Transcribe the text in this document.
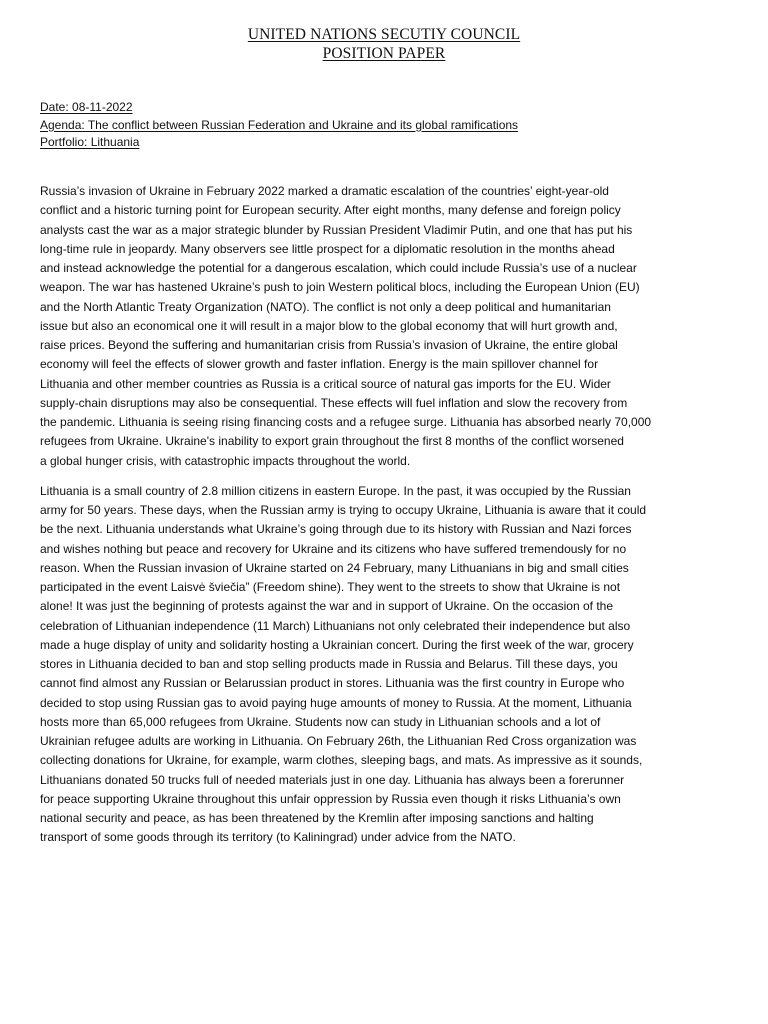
UNITED NATIONS SECUTIY COUNCIL
POSITION PAPER
Date: 08-11-2022
Agenda: The conflict between Russian Federation and Ukraine and its global ramifications
Portfolio: Lithuania

Russia’s invasion of Ukraine in February 2022 marked a dramatic escalation of the countries’ eight-year-old
conflict and a historic turning point for European security. After eight months, many defense and foreign policy
analysts cast the war as a major strategic blunder by Russian President Vladimir Putin, and one that has put his
long-time rule in jeopardy. Many observers see little prospect for a diplomatic resolution in the months ahead
and instead acknowledge the potential for a dangerous escalation, which could include Russia’s use of a nuclear
weapon. The war has hastened Ukraine’s push to join Western political blocs, including the European Union (EU)
and the North Atlantic Treaty Organization (NATO). The conflict is not only a deep political and humanitarian
issue but also an economical one it will result in a major blow to the global economy that will hurt growth and,
raise prices. Beyond the suffering and humanitarian crisis from Russia’s invasion of Ukraine, the entire global
economy will feel the effects of slower growth and faster inflation. Energy is the main spillover channel for
Lithuania and other member countries as Russia is a critical source of natural gas imports for the EU. Wider
supply-chain disruptions may also be consequential. These effects will fuel inflation and slow the recovery from
the pandemic. Lithuania is seeing rising financing costs and a refugee surge. Lithuania has absorbed nearly 70,000
refugees from Ukraine. Ukraine's inability to export grain throughout the first 8 months of the conflict worsened
a global hunger crisis, with catastrophic impacts throughout the world.

Lithuania is a small country of 2.8 million citizens in eastern Europe. In the past, it was occupied by the Russian
army for 50 years. These days, when the Russian army is trying to occupy Ukraine, Lithuania is aware that it could
be the next. Lithuania understands what Ukraine’s going through due to its history with Russian and Nazi forces
and wishes nothing but peace and recovery for Ukraine and its citizens who have suffered tremendously for no
reason. When the Russian invasion of Ukraine started on 24 February, many Lithuanians in big and small cities
participated in the event Laisvė šviečia” (Freedom shine). They went to the streets to show that Ukraine is not
alone! It was just the beginning of protests against the war and in support of Ukraine. On the occasion of the
celebration of Lithuanian independence (11 March) Lithuanians not only celebrated their independence but also
made a huge display of unity and solidarity hosting a Ukrainian concert. During the first week of the war, grocery
stores in Lithuania decided to ban and stop selling products made in Russia and Belarus. Till these days, you
cannot find almost any Russian or Belarussian product in stores. Lithuania was the first country in Europe who
decided to stop using Russian gas to avoid paying huge amounts of money to Russia. At the moment, Lithuania
hosts more than 65,000 refugees from Ukraine. Students now can study in Lithuanian schools and a lot of
Ukrainian refugee adults are working in Lithuania. On February 26th, the Lithuanian Red Cross organization was
collecting donations for Ukraine, for example, warm clothes, sleeping bags, and mats. As impressive as it sounds,
Lithuanians donated 50 trucks full of needed materials just in one day. Lithuania has always been a forerunner
for peace supporting Ukraine throughout this unfair oppression by Russia even though it risks Lithuania’s own
national security and peace, as has been threatened by the Kremlin after imposing sanctions and halting
transport of some goods through its territory (to Kaliningrad) under advice from the NATO.
